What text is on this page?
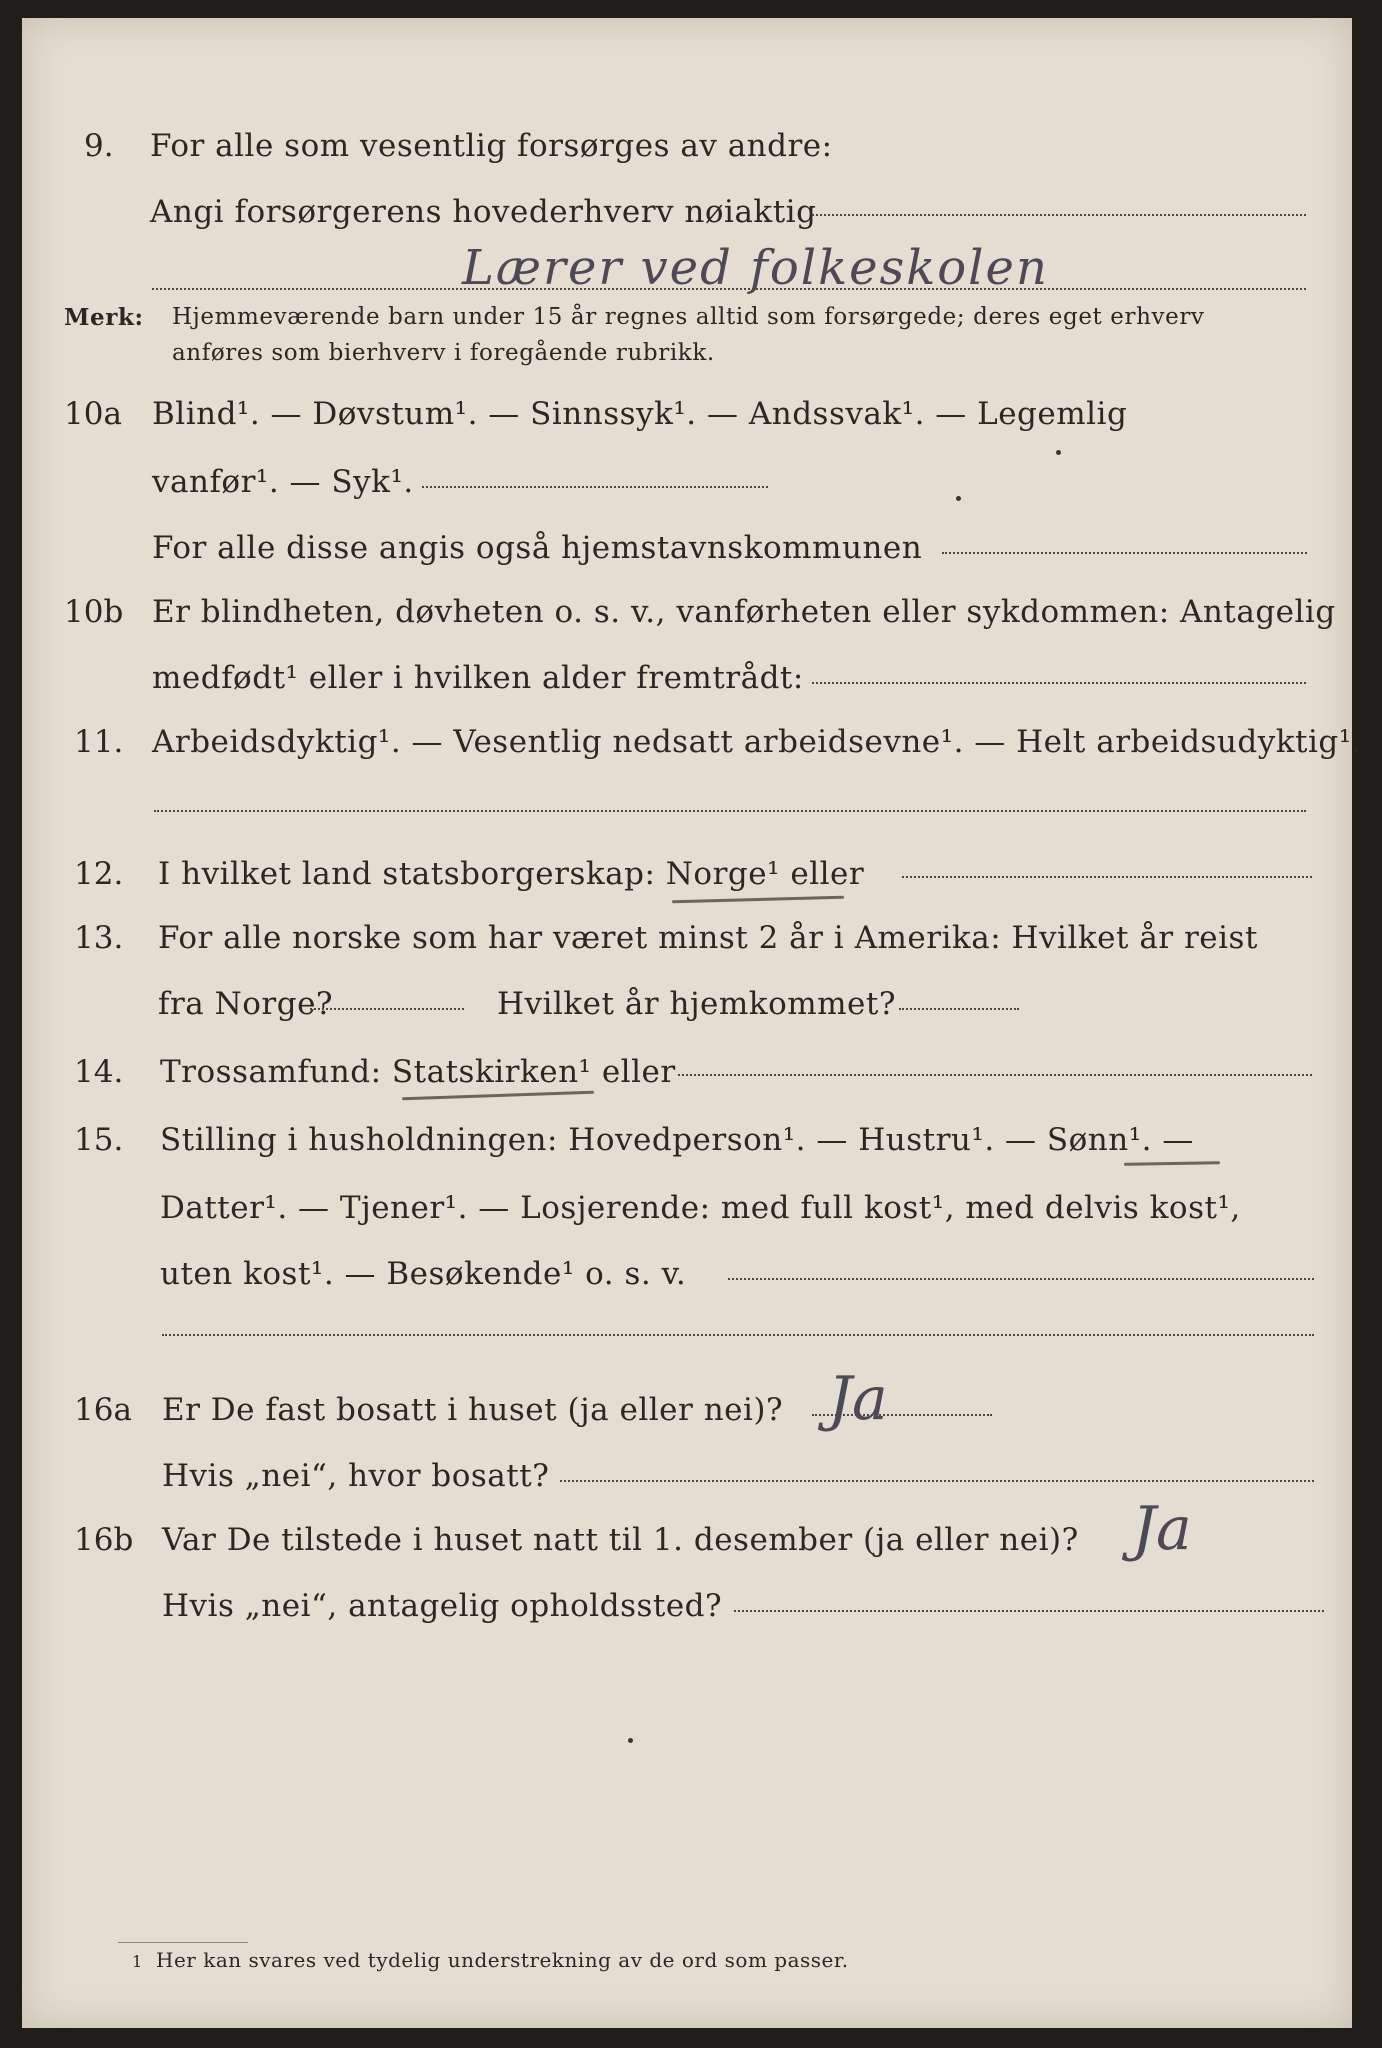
9. For alle som vesentlig forsørges av andre:
Angi forsørgerens hovederhverv nøiaktig
Lærer ved folkeskolen
Merk: Hjemmeværende barn under 15 år regnes alltid som forsørgede; deres eget erhverv
anføres som bierhverv i foregående rubrikk.
10a Blind¹. — Døvstum¹. — Sinnssyk¹. — Andssvak¹. — Legemlig
vanfør¹. — Syk¹.
For alle disse angis også hjemstavnskommunen
10b Er blindheten, døvheten o. s. v., vanførheten eller sykdommen: Antagelig
medfødt¹ eller i hvilken alder fremtrådt:
11. Arbeidsdyktig¹. — Vesentlig nedsatt arbeidsevne¹. — Helt arbeidsudyktig¹.
12. I hvilket land statsborgerskap: Norge¹ eller
13. For alle norske som har været minst 2 år i Amerika: Hvilket år reist
fra Norge?	Hvilket år hjemkommet?
14. Trossamfund: Statskirken¹ eller
15. Stilling i husholdningen: Hovedperson¹. — Hustru¹. — Sønn¹. —
Datter¹. — Tjener¹. — Losjerende: med full kost¹, med delvis kost¹,
uten kost¹. — Besøkende¹ o. s. v.
16a Er De fast bosatt i huset (ja eller nei)? Ja
Hvis „nei“, hvor bosatt?
16b Var De tilstede i huset natt til 1. desember (ja eller nei)? Ja
Hvis „nei“, antagelig opholdssted?
1 Her kan svares ved tydelig understrekning av de ord som passer.
